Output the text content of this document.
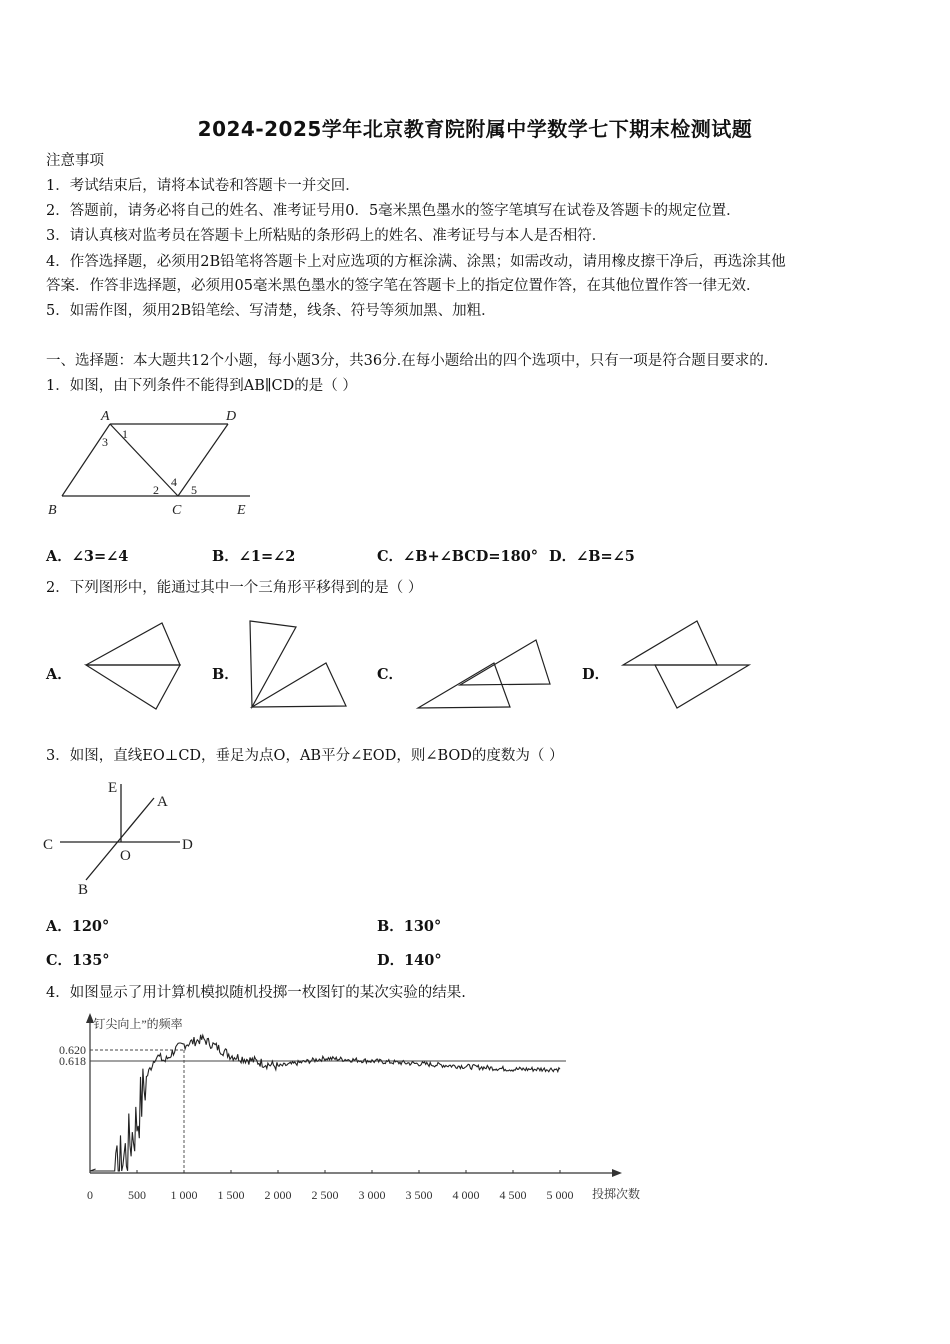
2024-2025学年北京教育院附属中学数学七下期末检测试题
注意事项
1．考试结束后，请将本试卷和答题卡一并交回．
2．答题前，请务必将自己的姓名、准考证号用0．5毫米黑色墨水的签字笔填写在试卷及答题卡的规定位置．
3．请认真核对监考员在答题卡上所粘贴的条形码上的姓名、准考证号与本人是否相符．
4．作答选择题，必须用2B铅笔将答题卡上对应选项的方框涂满、涂黑；如需改动，请用橡皮擦干净后，再选涂其他
答案．作答非选择题，必须用05毫米黑色墨水的签字笔在答题卡上的指定位置作答，在其他位置作答一律无效．
5．如需作图，须用2B铅笔绘、写清楚，线条、符号等须加黑、加粗．
一、选择题：本大题共12个小题，每小题3分，共36分.在每小题给出的四个选项中，只有一项是符合题目要求的.
1．如图，由下列条件不能得到AB∥CD的是（ ）
A	D
B	C	E
1
2
3
4
5
A．∠3=∠4	B．∠1=∠2	C．∠B+∠BCD=180° D．∠B=∠5
2．下列图形中，能通过其中一个三角形平移得到的是（ ）
A．	B．	C．	D．
3．如图，直线EO⊥CD，垂足为点O，AB平分∠EOD，则∠BOD的度数为（ ）
E
A
C
O
D
B
A．120°	B．130°
C．135°	D．140°
4．如图显示了用计算机模拟随机投掷一枚图钉的某次实验的结果.
“钉尖向上”的频率
投掷次数
0	500 1 000 1 500 2 000 2 500 3 000 3 500 4 000 4 500 5 000
0.620
0.618
